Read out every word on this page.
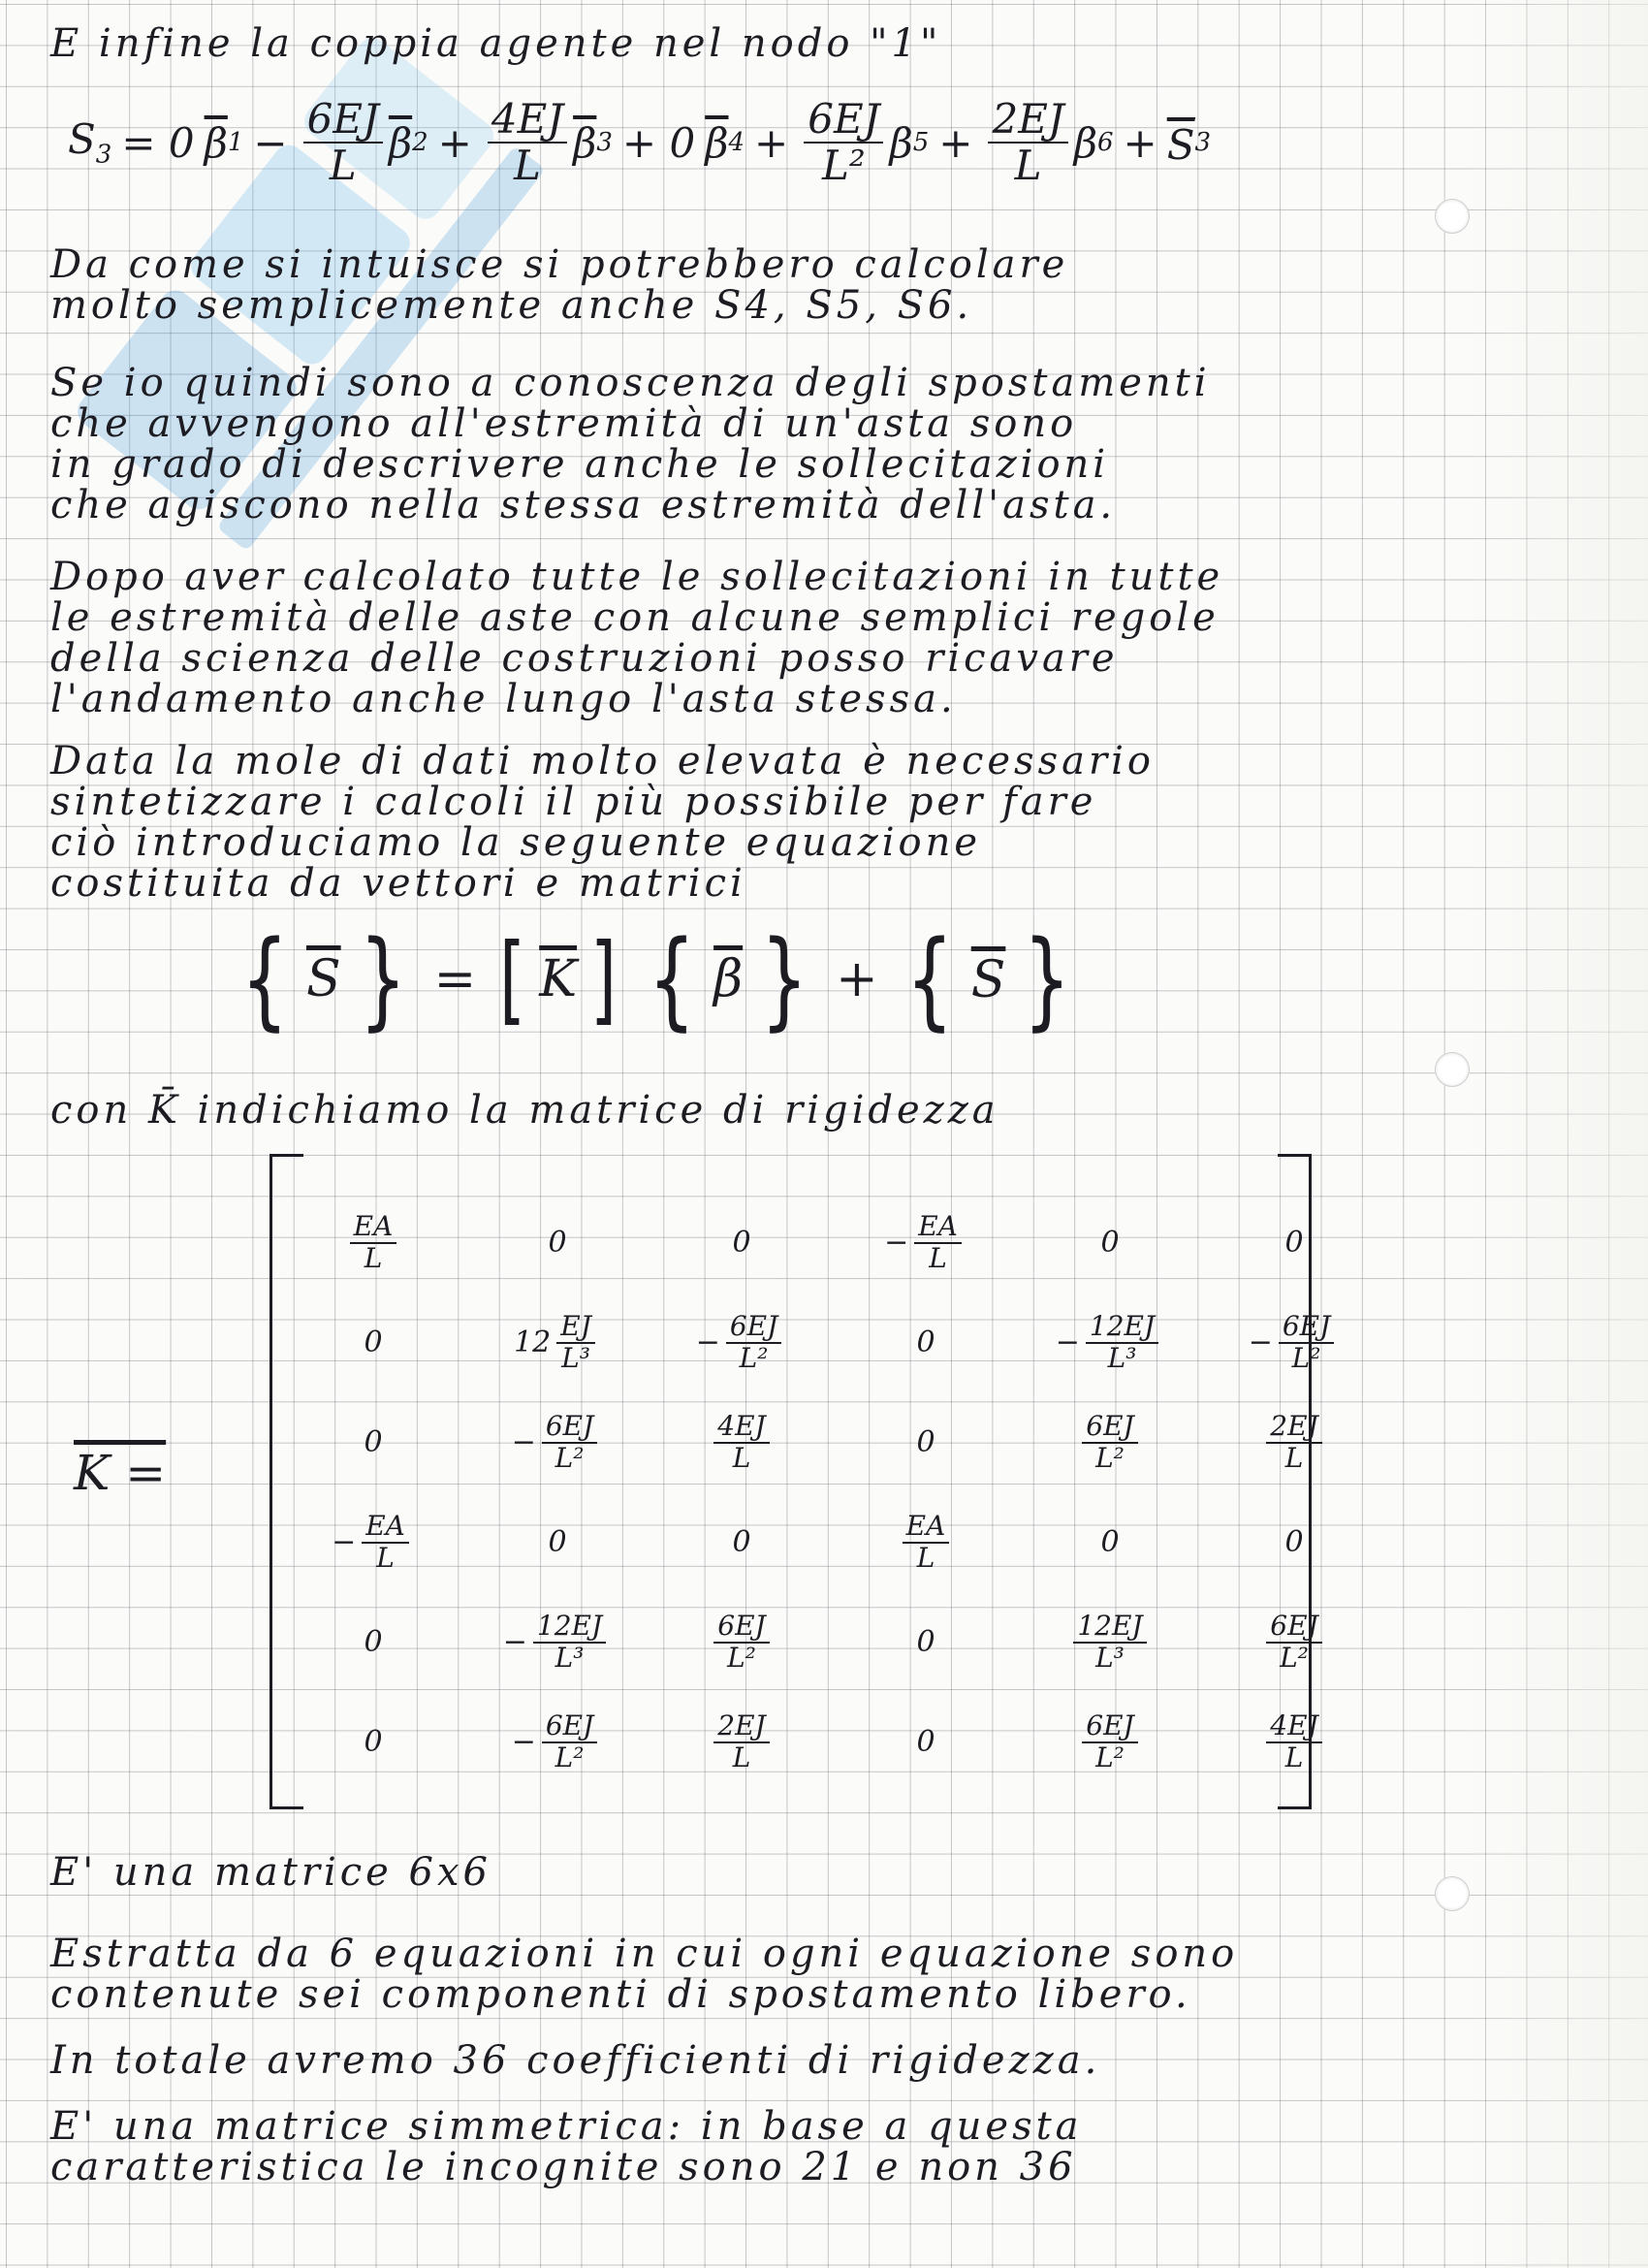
E infine la coppia agente nel nodo "1"

$S_3 = 0$ $\overline{\beta}$ $1 - \frac{6EJ}{L} \overline{\beta}$ $2 + \frac{4EJ}{L} \overline{\beta}$ 3 + 0 $\overline{\beta}$ $4 + \frac{6EJ}{\text{L²}}$ β $5 + \frac{2EJ}{L}$ β $6 + \overline{S}$ 3

Da come si intuisce si potrebbero calcolare

molto semplicemente anche S4, S5, S6.

Se io quindi sono a conoscenza degli spostamenti

che avvengono all'estremità di un'asta sono

in grado di descrivere anche le sollecitazioni

che agiscono nella stessa estremità dell'asta.

Dopo aver calcolato tutte le sollecitazioni in tutte

le estremità delle aste con alcune semplici regole

della scienza delle costruzioni posso ricavare

l'andamento anche lungo l'asta stessa.

Data la mole di dati molto elevata è necessario

sintetizzare i calcoli il più possibile per fare

ciò introduciamo la seguente equazione

costituita da vettori e matrici

{ $\overline{S}$ } = [ $\overline{K}$ ] { $\overline{\beta}$ } + { $\overline{S}$ }

con K̄ indichiamo la matrice di rigidezza

K =
$\frac{EA}{L}$	0	0	− $\frac{EA}{L}$	0	0
0	$12 \frac{EJ}{\text{L³}}$	− $\frac{6EJ}{\text{L²}}$	0	− $\frac{12EJ}{\text{L³}}$	− $\frac{6EJ}{\text{L²}}$
0	− $\frac{6EJ}{\text{L²}}$	$\frac{4EJ}{L}$	0	$\frac{6EJ}{\text{L²}}$	$\frac{2EJ}{L}$
− $\frac{EA}{L}$	0	0	$\frac{EA}{L}$	0	0
0	− $\frac{12EJ}{\text{L³}}$	$\frac{6EJ}{\text{L²}}$	0	$\frac{12EJ}{\text{L³}}$	$\frac{6EJ}{\text{L²}}$
0	− $\frac{6EJ}{\text{L²}}$	$\frac{2EJ}{L}$	0	$\frac{6EJ}{\text{L²}}$	$\frac{4EJ}{L}$

E' una matrice 6x6

Estratta da 6 equazioni in cui ogni equazione sono

contenute sei componenti di spostamento libero.

In totale avremo 36 coefficienti di rigidezza.

E' una matrice simmetrica: in base a questa

caratteristica le incognite sono 21 e non 36
